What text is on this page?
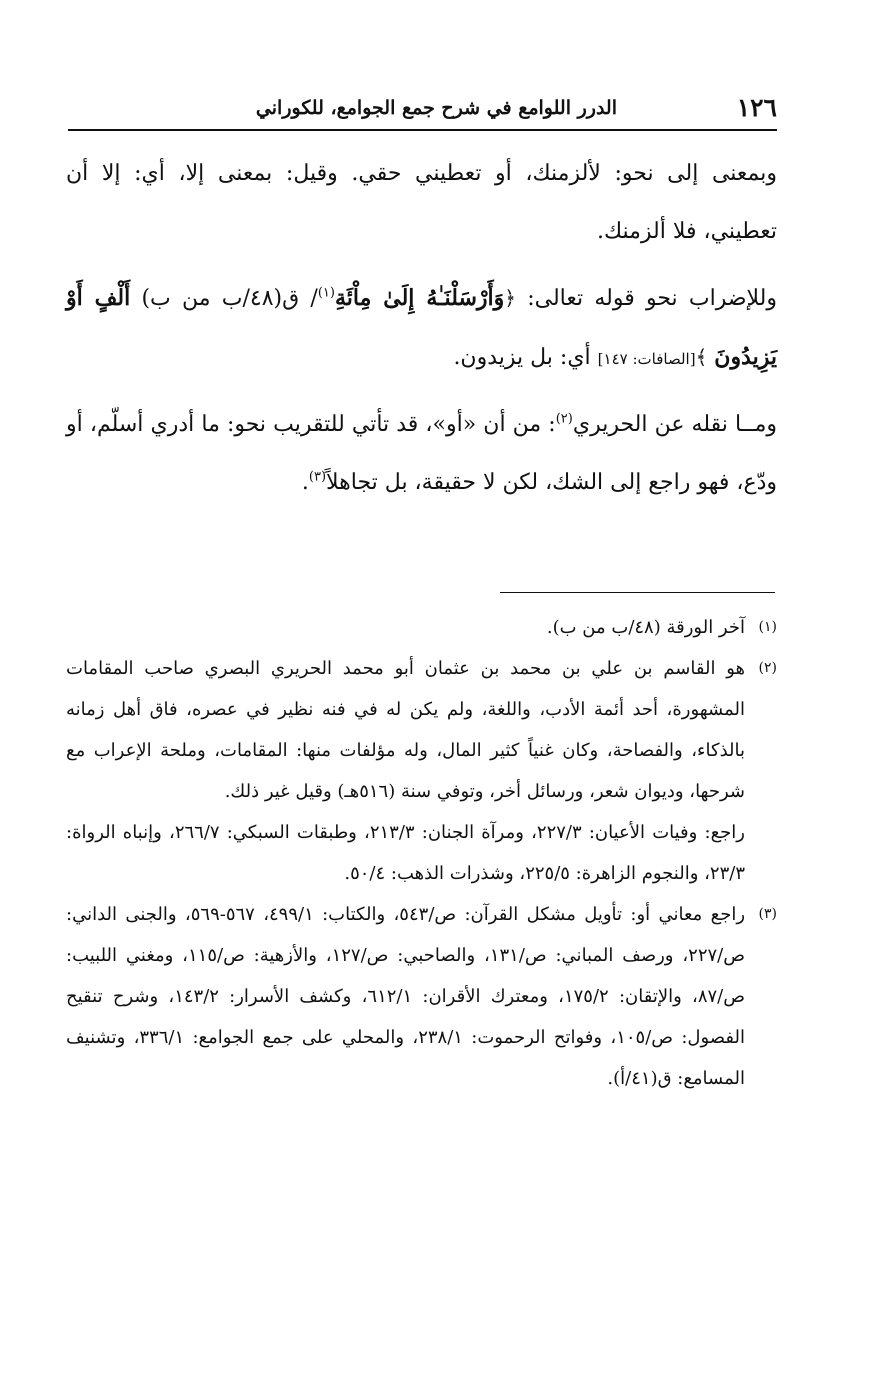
١٢٦
الدرر اللوامع في شرح جمع الجوامع، للكوراني

وبمعنى إلى نحو: لألزمنك، أو تعطيني حقي. وقيل: بمعنى إلا، أي: إلا أن تعطيني، فلا ألزمنك.

وللإضراب نحو قوله تعالى: ﴿وَأَرْسَلْنَـٰهُ إِلَىٰ مِاْئَةِ$^{(١)}$/ ق(٤٨/ب من ب) أَلْفٍ أَوْ يَزِيدُونَ ﴾[الصافات: ١٤٧] أي: بل يزيدون.

ومــا نقله عن الحريري$^{(٢)}$: من أن «أو»، قد تأتي للتقريب نحو: ما أدري أسلّم، أو ودّع، فهو راجع إلى الشك، لكن لا حقيقة، بل تجاهلاً$^{(٣)}$.

(١)
آخر الورقة (٤٨/ب من ب).

(٢)
هو القاسم بن علي بن محمد بن عثمان أبو محمد الحريري البصري صاحب المقامات المشهورة، أحد أئمة الأدب، واللغة، ولم يكن له في فنه نظير في عصره، فاق أهل زمانه بالذكاء، والفصاحة، وكان غنياً كثير المال، وله مؤلفات منها: المقامات، وملحة الإعراب مع شرحها، وديوان شعر، ورسائل أخر، وتوفي سنة (٥١٦هـ) وقيل غير ذلك.

راجع: وفيات الأعيان: ٢٢٧/٣، ومرآة الجنان: ٢١٣/٣، وطبقات السبكي: ٢٦٦/٧، وإنباه الرواة: ٢٣/٣، والنجوم الزاهرة: ٢٢٥/٥، وشذرات الذهب: ٥٠/٤.

(٣)
راجع معاني أو: تأويل مشكل القرآن: ص/٥٤٣، والكتاب: ٤٩٩/١، ٥٦٧-٥٦٩، والجنى الداني: ص/٢٢٧، ورصف المباني: ص/١٣١، والصاحبي: ص/١٢٧، والأزهية: ص/١١٥، ومغني اللبيب: ص/٨٧، والإتقان: ١٧٥/٢، ومعترك الأقران: ٦١٢/١، وكشف الأسرار: ١٤٣/٢، وشرح تنقيح الفصول: ص/١٠٥، وفواتح الرحموت: ٢٣٨/١، والمحلي على جمع الجوامع: ٣٣٦/١، وتشنيف المسامع: ق(٤١/أ).
